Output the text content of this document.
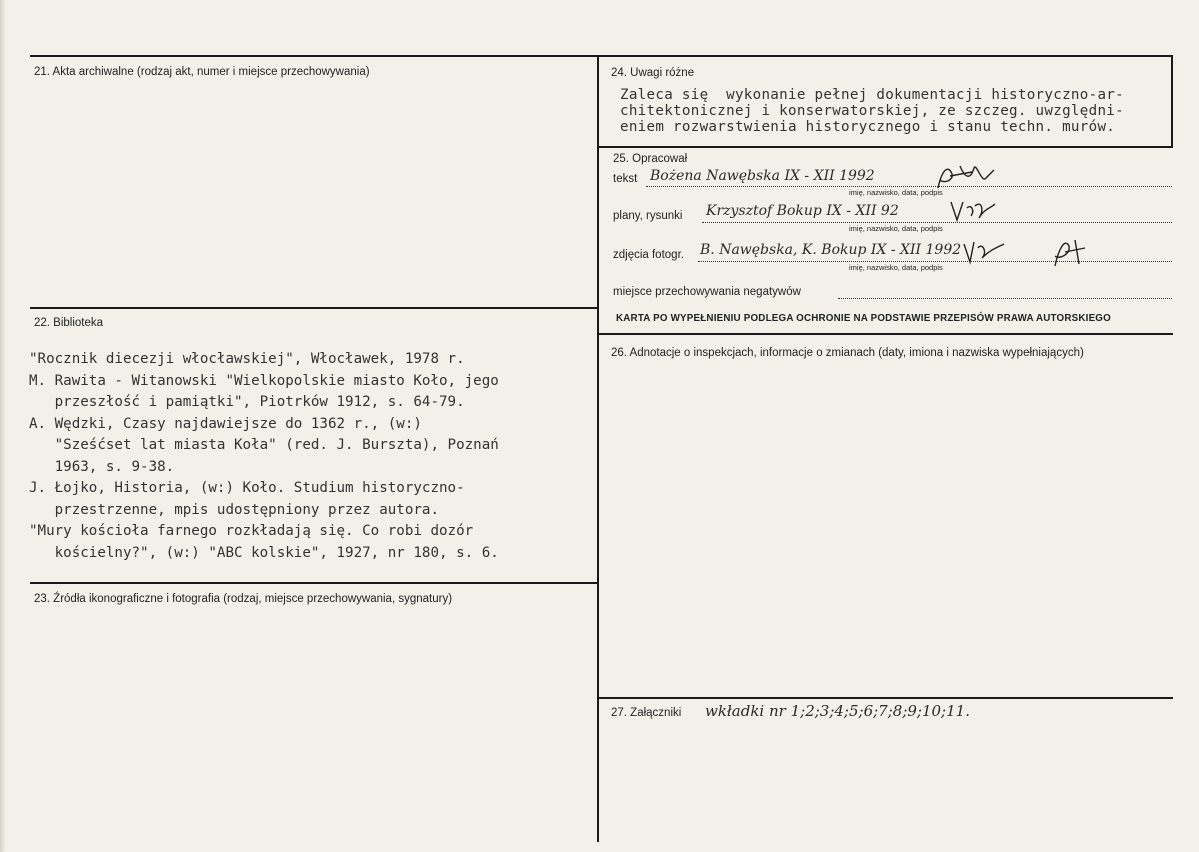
21. Akta archiwalne (rodzaj akt, numer i miejsce przechowywania)
22. Biblioteka
"Rocznik diecezji włocławskiej", Włocławek, 1978 r.
M. Rawita - Witanowski "Wielkopolskie miasto Koło, jego
przeszłość i pamiątki", Piotrków 1912, s. 64-79.
A. Wędzki, Czasy najdawiejsze do 1362 r., (w:)
"Sześćset lat miasta Koła" (red. J. Burszta), Poznań
1963, s. 9-38.
J. Łojko, Historia, (w:) Koło. Studium historyczno-
przestrzenne, mpis udostępniony przez autora.
"Mury kościoła farnego rozkładają się. Co robi dozór
kościelny?", (w:) "ABC kolskie", 1927, nr 180, s. 6.
23. Źródła ikonograficzne i fotografia (rodzaj, miejsce przechowywania, sygnatury)
24. Uwagi różne
Zaleca się  wykonanie pełnej dokumentacji historyczno-ar-
chitektonicznej i konserwatorskiej, ze szczeg. uwzględni-
eniem rozwarstwienia historycznego i stanu techn. murów.
25. Opracował
tekst Bożena Nawębska IX - XII 1992
imię, nazwisko, data, podpis
plany, rysunki Krzysztof Bokup IX - XII 92
imię, nazwisko, data, podpis
zdjęcia fotogr. B. Nawębska, K. Bokup IX - XII 1992
imię, nazwisko, data, podpis
miejsce przechowywania negatywów
KARTA PO WYPEŁNIENIU PODLEGA OCHRONIE NA PODSTAWIE PRZEPISÓW PRAWA AUTORSKIEGO
26. Adnotacje o inspekcjach, informacje o zmianach (daty, imiona i nazwiska wypełniających)
27. Załączniki wkładki nr 1;2;3;4;5;6;7;8;9;10;11.
